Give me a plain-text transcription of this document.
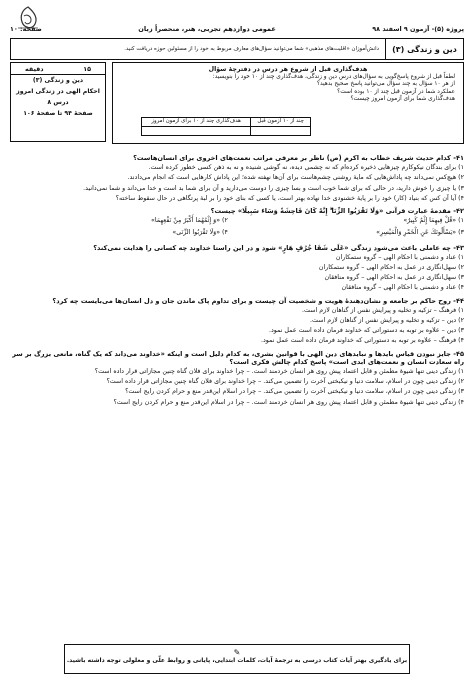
پروژه (۵)- آزمون ۹ اسفند ۹۸
عمومی دوازدهم تجربی، هنر، منحصراً زبان
صفحه: ۱۰
دین و زندگی (۳)
دانش‌آموزان «اقلیت‌های مذهبی» شما می‌توانید سؤال‌های معارف مربوط به خود را از مسئولین حوزه دریافت کنید.
هدف‌گذاری قبل از شروع هر درس در دفترچهٔ سؤال
لطفاً قبل از شروع پاسخ‌گویی به سؤال‌های درس دین و زندگی، هدف‌گذاری چند از ۱۰ خود را بنویسید:
از هر ۱۰ سؤال به چند سؤال می‌توانید پاسخ صحیح بدهید؟
عملکرد شما در آزمون قبل چند از ۱۰ بوده است؟
هدف‌گذاری شما برای آزمون امروز چیست؟
چند از ۱۰ آزمون قبل	هدف‌گذاری چند از ۱۰ برای آزمون امروز

۱۵
دقیقه
دین و زندگی (۳)
احکام الهی در زندگی امروز
درس ۸
صفحهٔ ۹۴ تا صفحهٔ ۱۰۶
۴۱- کدام حدیث شریف خطاب به اکرم (ص) ناظر بر معرفی مراتب نعمت‌های اخروی برای انسان‌هاست؟
۱) برای بندگان نیکوکارم چیزهایی ذخیره کرده‌ام که نه چشمی دیده، نه گوشی شنیده و نه به ذهن کسی خطور کرده است.
۲) هیچ‌کس نمی‌داند چه پاداش‌هایی که مایهٔ روشنی چشم‌هاست برای آن‌ها نهفته شده؛ این پاداش کارهایی است که انجام می‌دادند.
۳) یا چیزی را خوش دارید، در حالی که برای شما خوب است و بسا چیزی را دوست می‌دارید و آن برای شما بد است و خدا می‌داند و شما نمی‌دانید.
۴) آیا آن کس که بنیاد (کار) خود را بر پایهٔ خشنودی خدا نهاده بهتر است، یا کسی که بنای خود را بر لبهٔ پرتگاهی در حال سقوط ساخته؟
۴۲- مقدمهٔ عبارت قرآنی «وَلَا تَقْرَبُوا الزِّنَا ۖ إِنَّهُ كَانَ فَاحِشَةً وَسَاءَ سَبِيلًا» چیست؟
۱) «قُلْ فِيهِمَا إِثْمٌ كَبِيرٌ»
۲) «وَ إِثْمُهُمَا أَكْبَرُ مِنْ نَفْعِهِمَا»
۳) «يَسْأَلُونَكَ عَنِ الْخَمْرِ وَالْمَيْسِرِ»
۴) «وَلَا تَقْرَبُوا الزِّنَى»
۴۳- چه عاملی باعث می‌شود زندگی «عَلَى شَفَا جُرُفٍ هَارٍ» شود و در این راستا خداوند چه کسانی را هدایت نمی‌کند؟
۱) عناد و دشمنی با احکام الهی – گروه ستمکاران
۲) سهل‌انگاری در عمل به احکام الهی – گروه ستمکاران
۳) سهل‌انگاری در عمل به احکام الهی – گروه منافقان
۴) عناد و دشمنی با احکام الهی – گروه منافقان
۴۴- روح حاکم بر جامعه و نشان‌دهندهٔ هویت و شخصیت آن چیست و برای تداوم پاک ماندن جان و دل انسان‌ها می‌بایست چه کرد؟
۱) فرهنگ – تزکیه و تخلیه و پیرایش نفس از گناهان لازم است.
۲) دین – تزکیه و تخلیه و پیرایش نفس از گناهان لازم است.
۳) دین – علاوه بر توبه به دستوراتی که خداوند فرمان داده است عمل نمود.
۴) فرهنگ – علاوه بر توبه به دستوراتی که خداوند فرمان داده است عمل نمود.
۴۵- جایز نبودن قیاس بایدها و نبایدهای دین الهی با قوانین بشری، به کدام دلیل است و اینکه «خداوند می‌داند که یک گناه، مانعی بزرگ بر سر راه سعادت انسان و نعمت‌های ابدی است» پاسخ کدام چالش فکری است؟
۱) زندگی دینی تنها شیوهٔ مطمئن و قابل اعتماد پیش روی هر انسان خردمند است. – چرا خداوند برای فلان گناه چنین مجازاتی قرار داده است؟
۲) زندگی دینی چون در اسلام، سلامت دنیا و نیکبختی آخرت را تضمین می‌کند. – چرا خداوند برای فلان گناه چنین مجازاتی قرار داده است؟
۳) زندگی دینی چون در اسلام، سلامت دنیا و نیکبختی آخرت را تضمین می‌کند. – چرا در اسلام این‌قدر منع و حرام کردن رایج است؟
۴) زندگی دینی تنها شیوهٔ مطمئن و قابل اعتماد پیش روی هر انسان خردمند است. – چرا در اسلام این‌قدر منع و حرام کردن رایج است؟
✎
برای یادگیری بهتر آیات کتاب درسی به ترجمهٔ آیات، کلمات ابتدایی، پایانی و روابط علّی و معلولی توجه داشته باشید.
